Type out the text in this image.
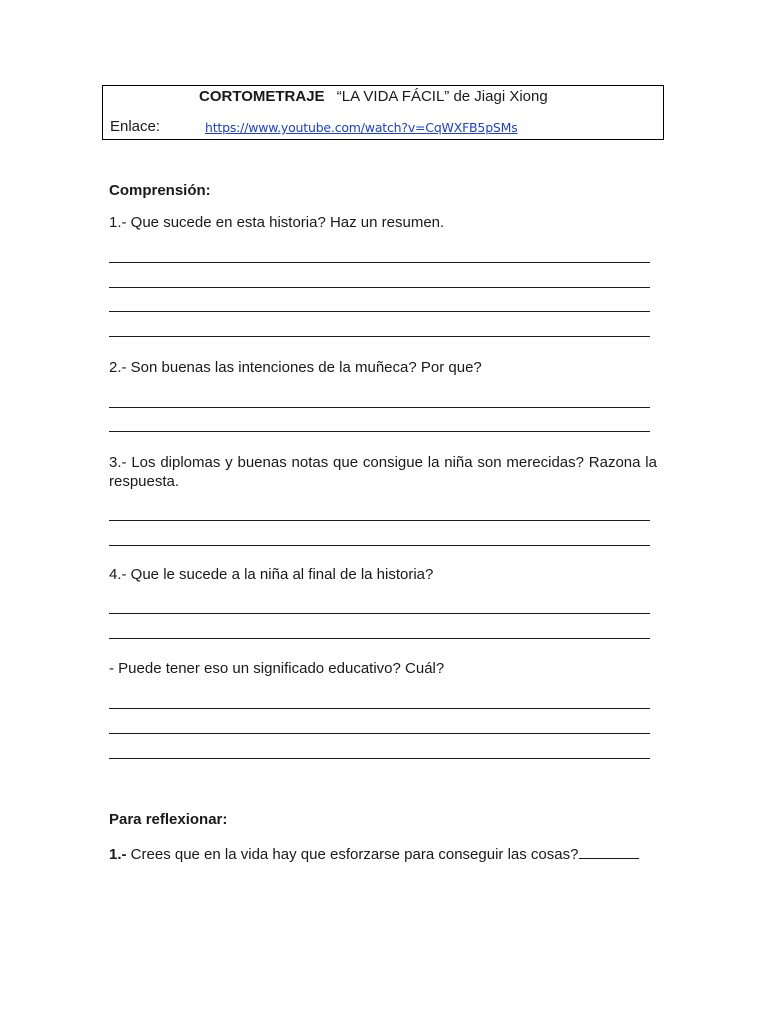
CORTOMETRAJE “LA VIDA FÁCIL” de Jiagi Xiong
Enlace:	https://www.youtube.com/watch?v=CqWXFB5pSMs
Comprensión:
1.- Que sucede en esta historia? Haz un resumen.
2.- Son buenas las intenciones de la muñeca? Por que?
3.- Los diplomas y buenas notas que consigue la niña son merecidas? Razona la respuesta.
4.- Que le sucede a la niña al final de la historia?
- Puede tener eso un significado educativo? Cuál?
Para reflexionar:
1.- Crees que en la vida hay que esforzarse para conseguir las cosas?
